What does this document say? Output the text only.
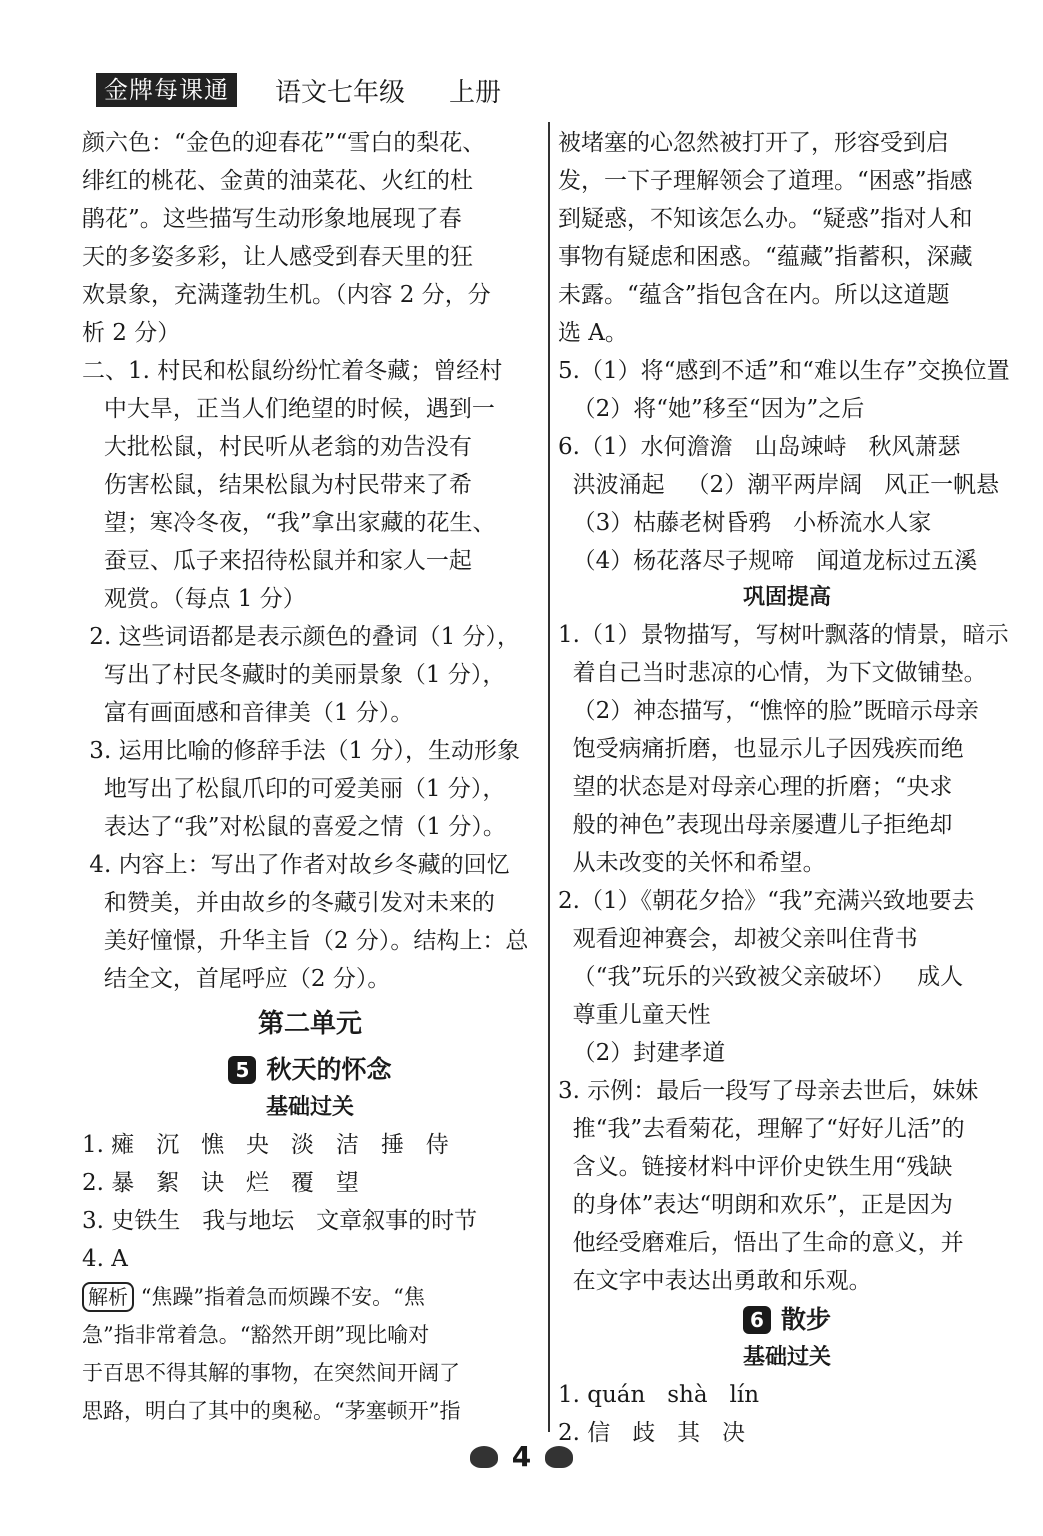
金牌每课通	语文七年级 上册

颜六色：“金色的迎春花”“雪白的梨花、

绯红的桃花、金黄的油菜花、火红的杜

鹃花”。这些描写生动形象地展现了春

天的多姿多彩，让人感受到春天里的狂

欢景象，充满蓬勃生机。（内容 2 分，分

析 2 分）

二、1. 村民和松鼠纷纷忙着冬藏；曾经村

中大旱，正当人们绝望的时候，遇到一

大批松鼠，村民听从老翁的劝告没有

伤害松鼠，结果松鼠为村民带来了希

望；寒冷冬夜，“我”拿出家藏的花生、

蚕豆、瓜子来招待松鼠并和家人一起

观赏。（每点 1 分）

2. 这些词语都是表示颜色的叠词（1 分），

写出了村民冬藏时的美丽景象（1 分），

富有画面感和音律美（1 分）。

3. 运用比喻的修辞手法（1 分），生动形象

地写出了松鼠爪印的可爱美丽（1 分），

表达了“我”对松鼠的喜爱之情（1 分）。

4. 内容上：写出了作者对故乡冬藏的回忆

和赞美，并由故乡的冬藏引发对未来的

美好憧憬，升华主旨（2 分）。结构上：总

结全文，首尾呼应（2 分）。

第二单元
5 秋天的怀念
基础过关

1. 瘫   沉   憔   央   淡   洁   捶   侍

2. 暴   絮   诀   烂   覆   望

3. 史铁生   我与地坛   文章叙事的时节

4. A

解析 “焦躁”指着急而烦躁不安。“焦

急”指非常着急。“豁然开朗”现比喻对

于百思不得其解的事物，在突然间开阔了

思路，明白了其中的奥秘。“茅塞顿开”指

被堵塞的心忽然被打开了，形容受到启

发，一下子理解领会了道理。“困惑”指感

到疑惑，不知该怎么办。“疑惑”指对人和

事物有疑虑和困惑。“蕴藏”指蓄积，深藏

未露。“蕴含”指包含在内。所以这道题

选 A。

5.（1）将“感到不适”和“难以生存”交换位置

（2）将“她”移至“因为”之后

6.（1）水何澹澹   山岛竦峙   秋风萧瑟

洪波涌起   （2）潮平两岸阔   风正一帆悬

（3）枯藤老树昏鸦   小桥流水人家

（4）杨花落尽子规啼   闻道龙标过五溪

巩固提高

1.（1）景物描写，写树叶飘落的情景，暗示

着自己当时悲凉的心情，为下文做铺垫。

（2）神态描写，“憔悴的脸”既暗示母亲

饱受病痛折磨，也显示儿子因残疾而绝

望的状态是对母亲心理的折磨；“央求

般的神色”表现出母亲屡遭儿子拒绝却

从未改变的关怀和希望。

2.（1）《朝花夕拾》“我”充满兴致地要去

观看迎神赛会，却被父亲叫住背书

（“我”玩乐的兴致被父亲破坏）   成人

尊重儿童天性

（2）封建孝道

3. 示例：最后一段写了母亲去世后，妹妹

推“我”去看菊花，理解了“好好儿活”的

含义。链接材料中评价史铁生用“残缺

的身体”表达“明朗和欢乐”，正是因为

他经受磨难后，悟出了生命的意义，并

在文字中表达出勇敢和乐观。

6 散步
基础过关

1. quán   shà   lín

2. 信   歧   其   决

4
